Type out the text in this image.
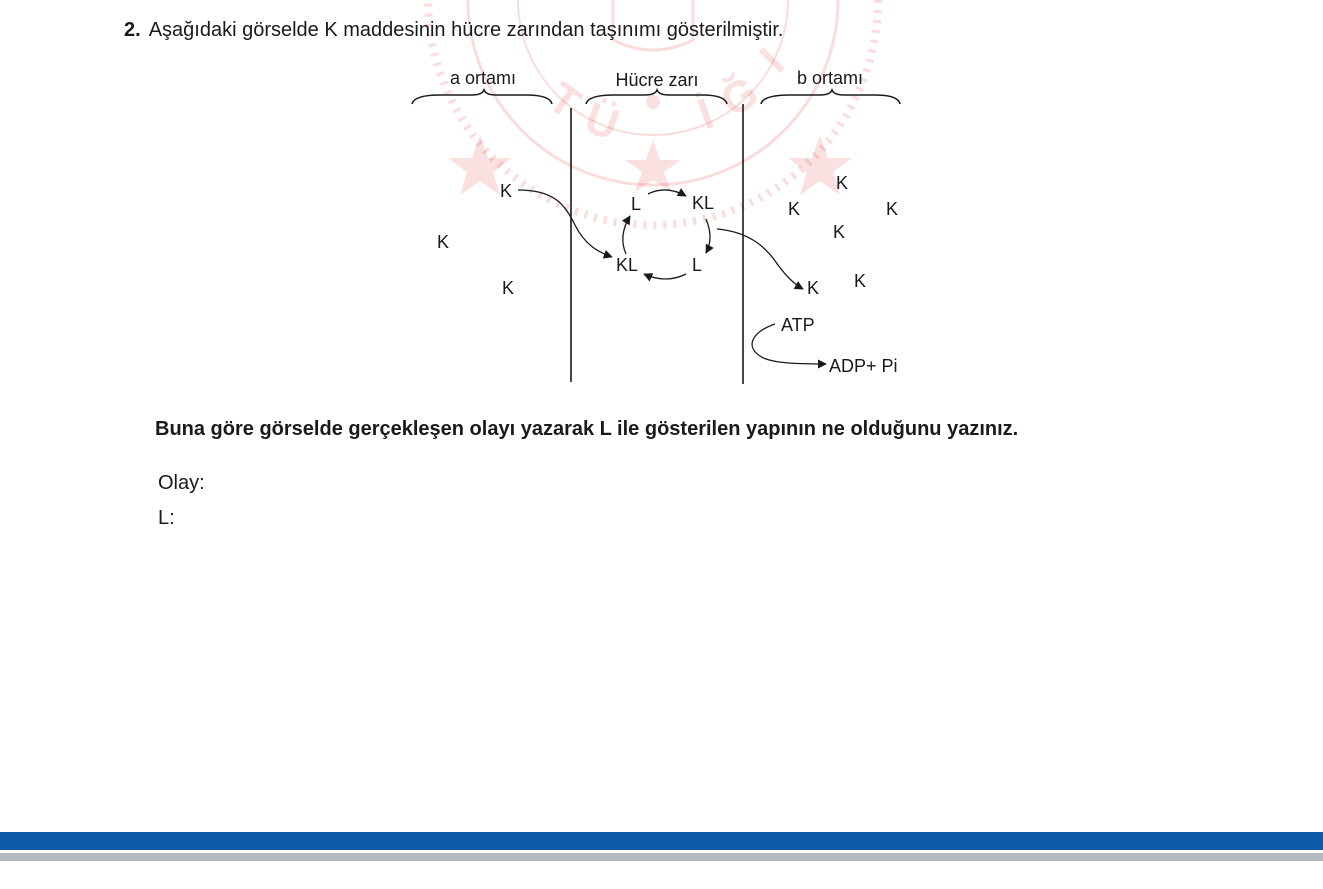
T
Ü İ
Ğ
I
2. Aşağıdaki görselde K maddesinin hücre zarından taşınımı gösterilmiştir.
a ortamı	Hücre zarı	b ortamı
K
K
K
L	KL
KL	L
K
K	K
K
K
K
ATP
ADP+ Pi
Buna göre görselde gerçekleşen olayı yazarak L ile gösterilen yapının ne olduğunu yazınız.
Olay:
L:
